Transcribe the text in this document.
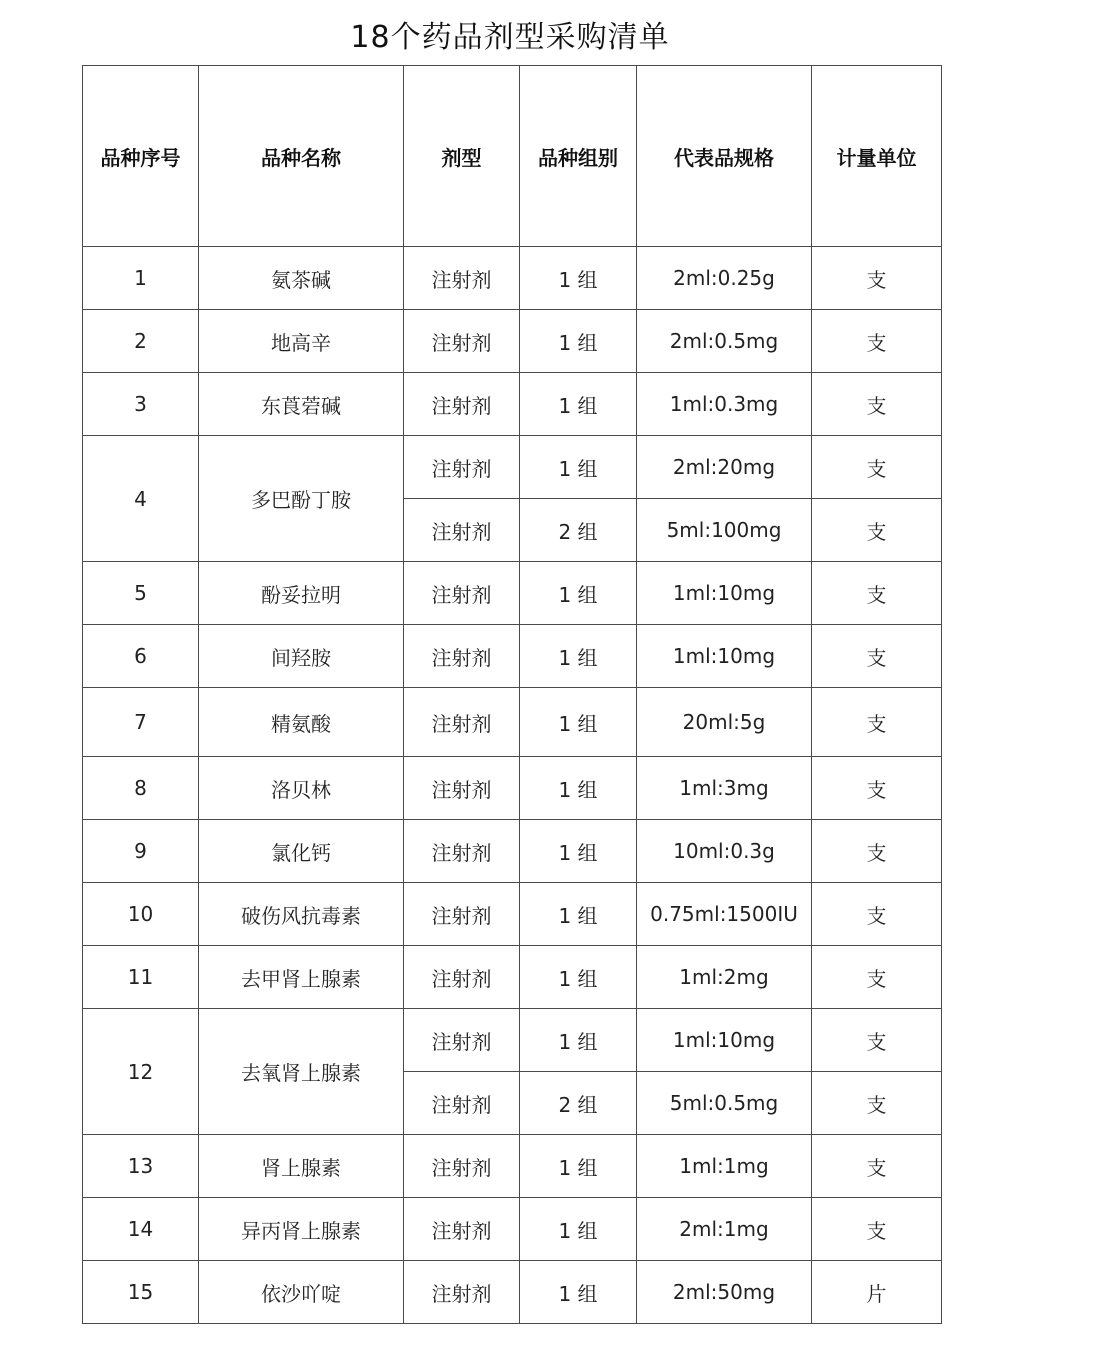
18个药品剂型采购清单
品种序号	品种名称	剂型	品种组别	代表品规格	计量单位
1	氨茶碱	注射剂	1 组	2ml:0.25g	支
2	地高辛	注射剂	1 组	2ml:0.5mg	支
3	东莨菪碱	注射剂	1 组	1ml:0.3mg	支
4	多巴酚丁胺	注射剂	1 组	2ml:20mg	支
		注射剂	2 组	5ml:100mg	支
5	酚妥拉明	注射剂	1 组	1ml:10mg	支
6	间羟胺	注射剂	1 组	1ml:10mg	支
7	精氨酸	注射剂	1 组	20ml:5g	支
8	洛贝林	注射剂	1 组	1ml:3mg	支
9	氯化钙	注射剂	1 组	10ml:0.3g	支
10	破伤风抗毒素	注射剂	1 组	0.75ml:1500IU	支
11	去甲肾上腺素	注射剂	1 组	1ml:2mg	支
12	去氧肾上腺素	注射剂	1 组	1ml:10mg	支
		注射剂	2 组	5ml:0.5mg	支
13	肾上腺素	注射剂	1 组	1ml:1mg	支
14	异丙肾上腺素	注射剂	1 组	2ml:1mg	支
15	依沙吖啶	注射剂	1 组	2ml:50mg	片
